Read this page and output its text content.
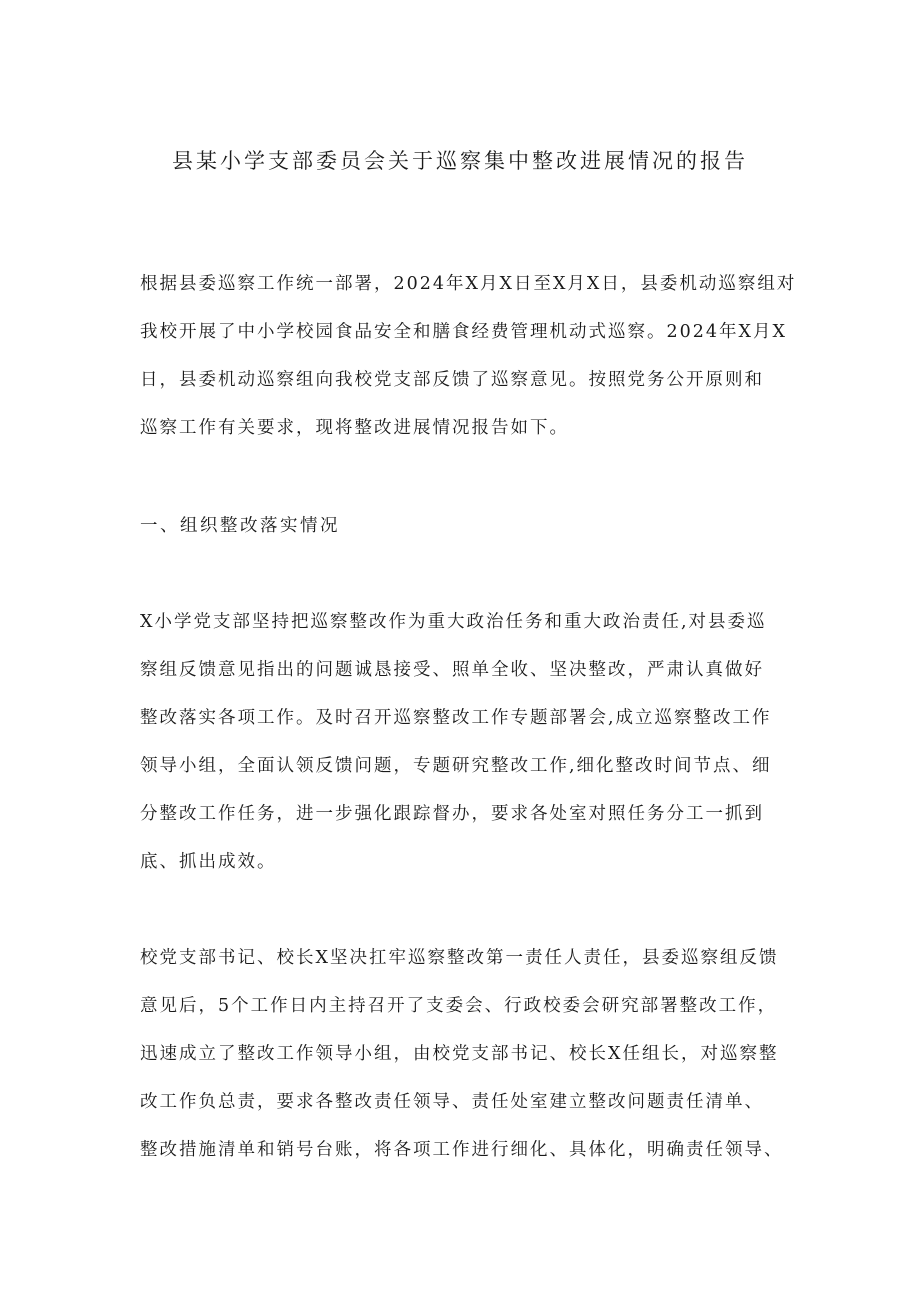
县某小学支部委员会关于巡察集中整改进展情况的报告

根据县委巡察工作统一部署，2024年X月X日至X月X日，县委机动巡察组对

我校开展了中小学校园食品安全和膳食经费管理机动式巡察。2024年X月X

日，县委机动巡察组向我校党支部反馈了巡察意见。按照党务公开原则和

巡察工作有关要求，现将整改进展情况报告如下。

一、组织整改落实情况

X小学党支部坚持把巡察整改作为重大政治任务和重大政治责任,对县委巡

察组反馈意见指出的问题诚恳接受、照单全收、坚决整改，严肃认真做好

整改落实各项工作。及时召开巡察整改工作专题部署会,成立巡察整改工作

领导小组，全面认领反馈问题，专题研究整改工作,细化整改时间节点、细

分整改工作任务，进一步强化跟踪督办，要求各处室对照任务分工一抓到

底、抓出成效。

校党支部书记、校长X坚决扛牢巡察整改第一责任人责任，县委巡察组反馈

意见后，5个工作日内主持召开了支委会、行政校委会研究部署整改工作，

迅速成立了整改工作领导小组，由校党支部书记、校长X任组长，对巡察整

改工作负总责，要求各整改责任领导、责任处室建立整改问题责任清单、

整改措施清单和销号台账，将各项工作进行细化、具体化，明确责任领导、
